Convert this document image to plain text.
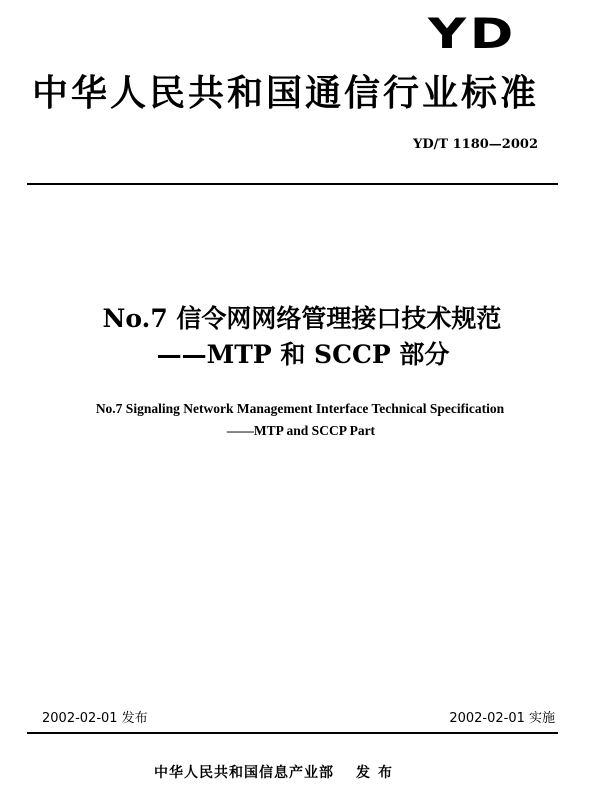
YD
中华人民共和国通信行业标准
YD/T 1180—2002
No.7 信令网网络管理接口技术规范
——MTP 和 SCCP 部分
No.7 Signaling Network Management Interface Technical Specification
——MTP and SCCP Part
2002-02-01 发布	2002-02-01 实施
中华人民共和国信息产业部 发布
